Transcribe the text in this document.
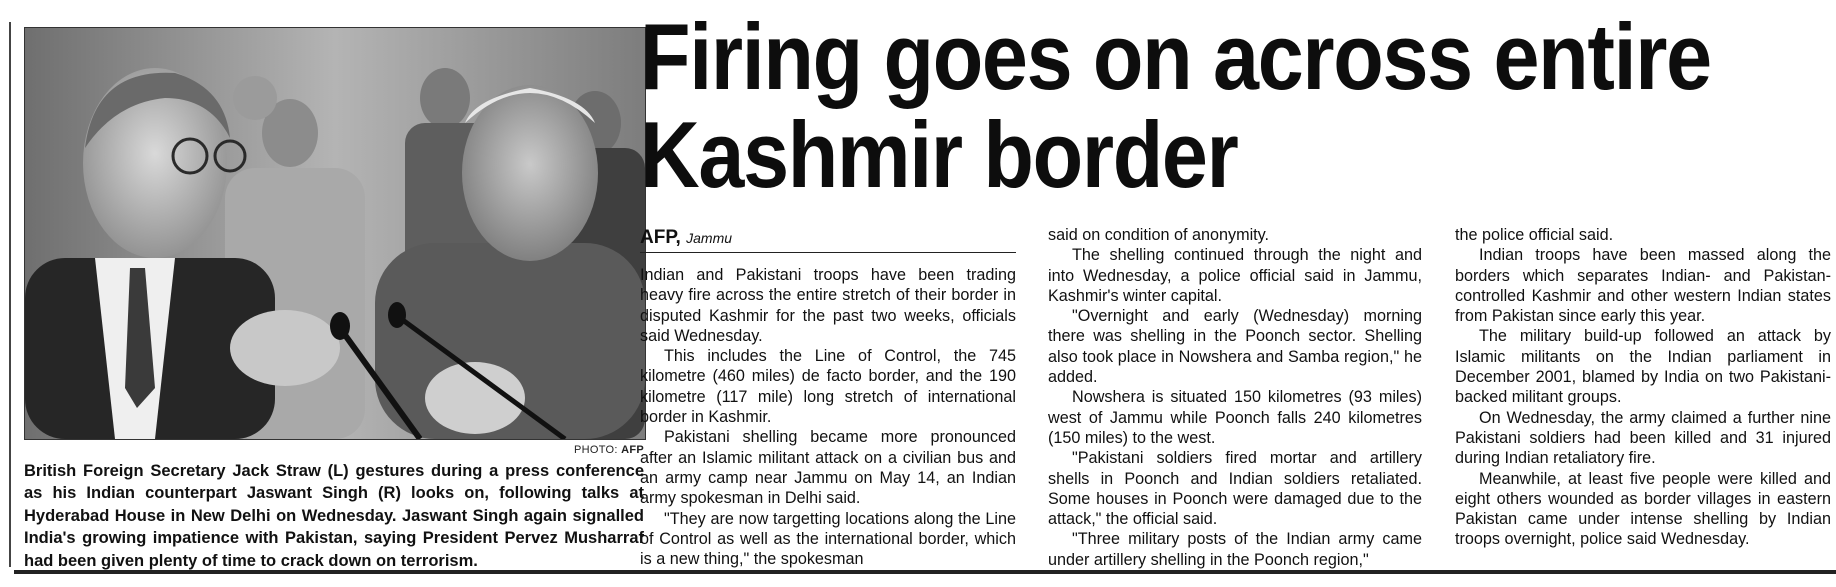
PHOTO: AFP
British Foreign Secretary Jack Straw (L) gestures during a press conference as his Indian counterpart Jaswant Singh (R) looks on, following talks at Hyderabad House in New Delhi on Wednesday. Jaswant Singh again signalled India's growing impatience with Pakistan, saying President Pervez Musharraf had been given plenty of time to crack down on terrorism.
Firing goes on across entire
Kashmir border
AFP, Jammu

Indian and Pakistani troops have been trading heavy fire across the entire stretch of their border in disputed Kashmir for the past two weeks, officials said Wednesday.

This includes the Line of Control, the 745 kilometre (460 miles) de facto border, and the 190 kilometre (117 mile) long stretch of international border in Kashmir.

Pakistani shelling became more pronounced after an Islamic militant attack on a civilian bus and an army camp near Jammu on May 14, an Indian army spokesman in Delhi said.

"They are now targetting locations along the Line of Control as well as the international border, which is a new thing," the spokesman

said on condition of anonymity.

The shelling continued through the night and into Wednesday, a police official said in Jammu, Kashmir's winter capital.

"Overnight and early (Wednesday) morning there was shelling in the Poonch sector. Shelling also took place in Nowshera and Samba region," he added.

Nowshera is situated 150 kilometres (93 miles) west of Jammu while Poonch falls 240 kilometres (150 miles) to the west.

"Pakistani soldiers fired mortar and artillery shells in Poonch and Indian soldiers retaliated. Some houses in Poonch were damaged due to the attack," the official said.

"Three military posts of the Indian army came under artillery shelling in the Poonch region,"

the police official said.

Indian troops have been massed along the borders which separates Indian- and Pakistan-controlled Kashmir and other western Indian states from Pakistan since early this year.

The military build-up followed an attack by Islamic militants on the Indian parliament in December 2001, blamed by India on two Pakistani-backed militant groups.

On Wednesday, the army claimed a further nine Pakistani soldiers had been killed and 31 injured during Indian retaliatory fire.

Meanwhile, at least five people were killed and eight others wounded as border villages in eastern Pakistan came under intense shelling by Indian troops overnight, police said Wednesday.
